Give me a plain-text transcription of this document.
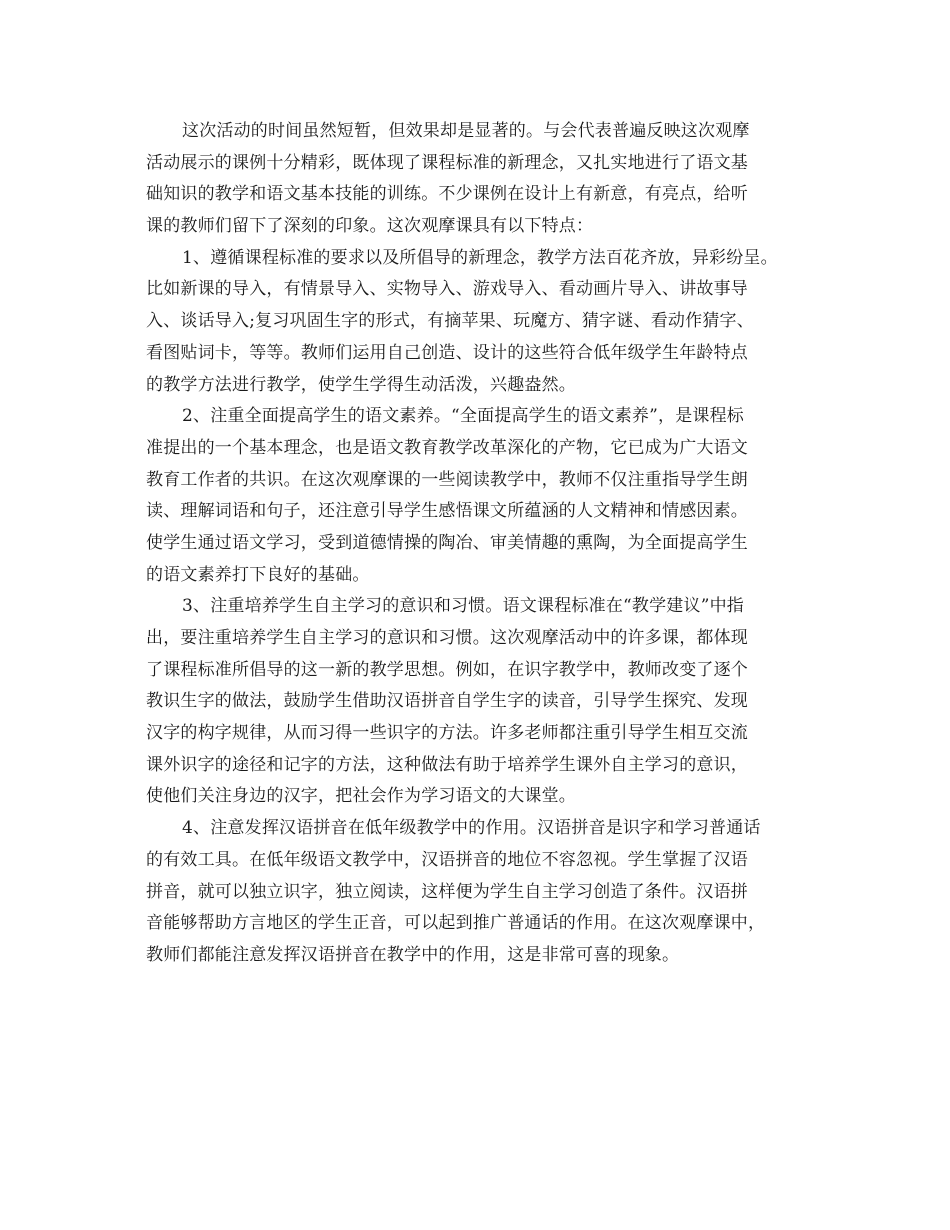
这次活动的时间虽然短暂，但效果却是显著的。与会代表普遍反映这次观摩
活动展示的课例十分精彩，既体现了课程标准的新理念，又扎实地进行了语文基
础知识的教学和语文基本技能的训练。不少课例在设计上有新意，有亮点，给听
课的教师们留下了深刻的印象。这次观摩课具有以下特点：
1、遵循课程标准的要求以及所倡导的新理念，教学方法百花齐放，异彩纷呈。
比如新课的导入，有情景导入、实物导入、游戏导入、看动画片导入、讲故事导
入、谈话导入;复习巩固生字的形式，有摘苹果、玩魔方、猜字谜、看动作猜字、
看图贴词卡，等等。教师们运用自己创造、设计的这些符合低年级学生年龄特点
的教学方法进行教学，使学生学得生动活泼，兴趣盎然。
2、注重全面提高学生的语文素养。“全面提高学生的语文素养”，是课程标
准提出的一个基本理念，也是语文教育教学改革深化的产物，它已成为广大语文
教育工作者的共识。在这次观摩课的一些阅读教学中，教师不仅注重指导学生朗
读、理解词语和句子，还注意引导学生感悟课文所蕴涵的人文精神和情感因素。
使学生通过语文学习，受到道德情操的陶冶、审美情趣的熏陶，为全面提高学生
的语文素养打下良好的基础。
3、注重培养学生自主学习的意识和习惯。语文课程标准在“教学建议”中指
出，要注重培养学生自主学习的意识和习惯。这次观摩活动中的许多课，都体现
了课程标准所倡导的这一新的教学思想。例如，在识字教学中，教师改变了逐个
教识生字的做法，鼓励学生借助汉语拼音自学生字的读音，引导学生探究、发现
汉字的构字规律，从而习得一些识字的方法。许多老师都注重引导学生相互交流
课外识字的途径和记字的方法，这种做法有助于培养学生课外自主学习的意识，
使他们关注身边的汉字，把社会作为学习语文的大课堂。
4、注意发挥汉语拼音在低年级教学中的作用。汉语拼音是识字和学习普通话
的有效工具。在低年级语文教学中，汉语拼音的地位不容忽视。学生掌握了汉语
拼音，就可以独立识字，独立阅读，这样便为学生自主学习创造了条件。汉语拼
音能够帮助方言地区的学生正音，可以起到推广普通话的作用。在这次观摩课中，
教师们都能注意发挥汉语拼音在教学中的作用，这是非常可喜的现象。
